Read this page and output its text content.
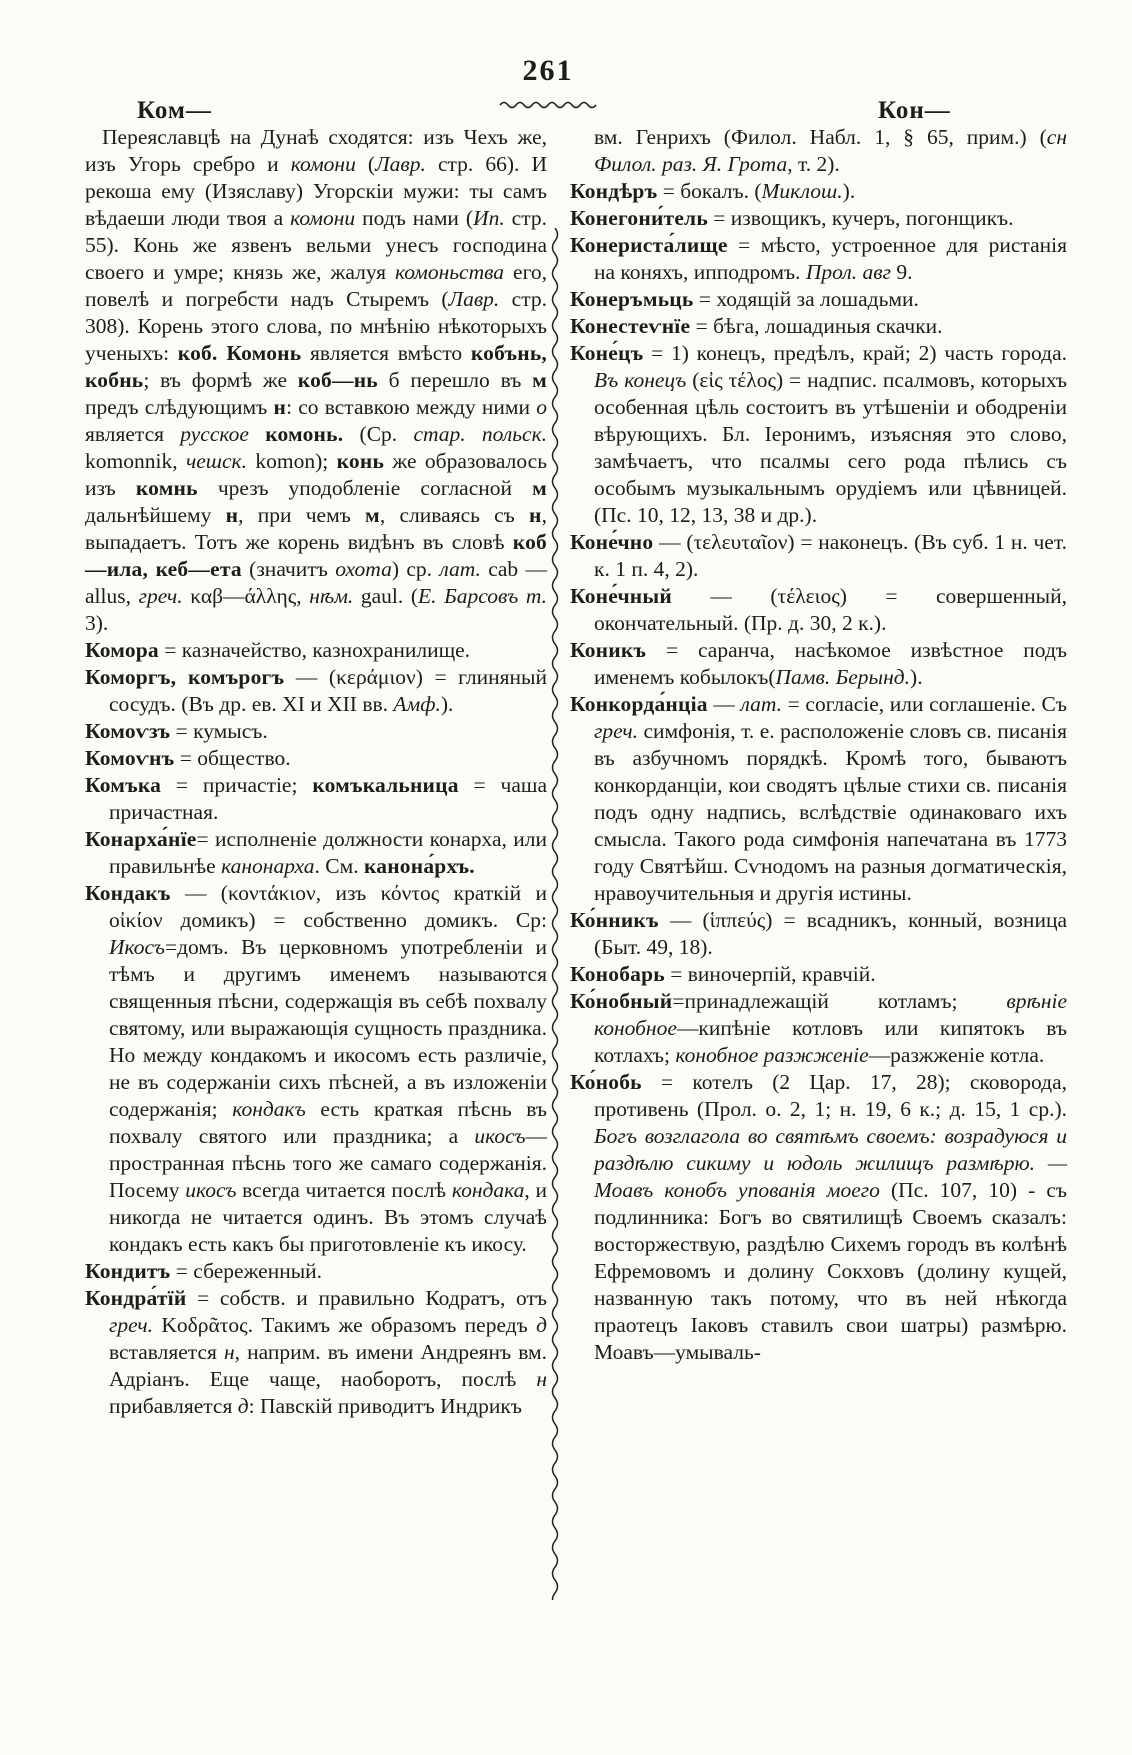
261
Ком—	Кон—

Переяславцѣ на Дунаѣ сходятся: изъ Чехъ же, изъ Угорь сребро и комони (Лавр. стр. 66). И рекоша ему (Изяславу) Угорскіи мужи: ты самъ вѣдаеши люди твоя а комони подъ нами (Ип. стр. 55). Конь же язвенъ вельми унесъ господина своего и умре; князь же, жалуя комоньства его, повелѣ и погребсти надъ Стыремъ (Лавр. стр. 308). Корень этого слова, по мнѣнію нѣкоторыхъ ученыхъ: коб. Комонь является вмѣсто кобънь, кобнь; въ формѣ же коб—нь б перешло въ м предъ слѣдующимъ н: со вставкою между ними о является русское комонь. (Ср. стар. польск. komonnik, чешск. komon); конь же образовалось изъ комнь чрезъ уподобленіе согласной м дальнѣйшему н, при чемъ м, сливаясь съ н, выпадаетъ. Тотъ же корень видѣнъ въ словѣ коб—ила, кеб—ета (значитъ охота) ср. лат. cab — allus, греч. καβ—άλλης, нѣм. gaul. (Е. Барсовъ т. 3).

Комора = казначейство, казнохранилище.

Коморгъ, комърогъ — (κεράμιον) = глиняный сосудъ. (Въ др. ев. XI и XII вв. Амф.).

Комоѵзъ = кумысъ.

Комоѵнъ = общество.

Комъка = причастіе; комъкальница = чаша причастная.

Конарха́нїе= исполненіе должности конарха, или правильнѣе канонарха. См. канона́рхъ.

Кондакъ — (κοντάκιον, изъ κόντος краткій и οἰκίον домикъ) = собственно домикъ. Ср: Икосъ=домъ. Въ церковномъ употребленіи и тѣмъ и другимъ именемъ называются священныя пѣсни, содержащія въ себѣ похвалу святому, или выражающія сущность праздника. Но между кондакомъ и икосомъ есть различіе, не въ содержаніи сихъ пѣсней, а въ изложеніи содержанія; кондакъ есть краткая пѣснь въ похвалу святого или праздника; а икосъ—пространная пѣснь того же самаго содержанія. Посему икосъ всегда читается послѣ кондака, и никогда не читается одинъ. Въ этомъ случаѣ кондакъ есть какъ бы приготовленіе къ икосу.

Кондитъ = сбереженный.

Кондра́тїй = собств. и правильно Кодратъ, отъ греч. Κοδρᾶτος. Такимъ же образомъ передъ д вставляется н, наприм. въ имени Андреянъ вм. Адріанъ. Еще чаще, наоборотъ, послѣ н прибавляется д: Павскій приводитъ Индрикъ

вм. Генрихъ (Филол. Набл. 1, § 65, прим.) (сн Филол. раз. Я. Грота, т. 2).

Кондѣръ = бокалъ. (Миклош.).

Конегони́тель = извощикъ, кучеръ, погонщикъ.

Конериста́лище = мѣсто, устроенное для ристанія на коняхъ, ипподромъ. Прол. авг 9.

Конеръмьць = ходящій за лошадьми.

Конестеѵнїе = бѣга, лошадиныя скачки.

Коне́цъ = 1) конецъ, предѣлъ, край; 2) часть города. Въ конецъ (εἰς τέλος) = надпис. псалмовъ, которыхъ особенная цѣль состоитъ въ утѣшеніи и ободреніи вѣрующихъ. Бл. Іеронимъ, изъясняя это слово, замѣчаетъ, что псалмы сего рода пѣлись съ особымъ музыкальнымъ орудіемъ или цѣвницей. (Пс. 10, 12, 13, 38 и др.).

Коне́чно — (τελευταῖον) = наконецъ. (Въ суб. 1 н. чет. к. 1 п. 4, 2).

Коне́чный — (τέλειος) = совершенный, окончательный. (Пр. д. 30, 2 к.).

Коникъ = саранча, насѣкомое извѣстное подъ именемъ кобылокъ(Памв. Берынд.).

Конкорда́нціа — лат. = согласіе, или соглашеніе. Съ греч. симфонія, т. е. расположеніе словъ св. писанія въ азбучномъ порядкѣ. Кромѣ того, бываютъ конкорданціи, кои сводятъ цѣлые стихи св. писанія подъ одну надпись, вслѣдствіе одинаковаго ихъ смысла. Такого рода симфонія напечатана въ 1773 году Святѣйш. Сѵнодомъ на разныя догматическія, нравоучительныя и другія истины.

Ко́нникъ — (ἱππεύς) = всадникъ, конный, возница (Быт. 49, 18).

Конобарь = виночерпій, кравчій.

Ко́нобный=принадлежащій котламъ; врѣніе конобное—кипѣніе котловъ или кипятокъ въ котлахъ; конобное разжженіе—разжженіе котла.

Ко́нобь = котелъ (2 Цар. 17, 28); сковорода, противень (Прол. о. 2, 1; н. 19, 6 к.; д. 15, 1 ср.). Богъ возглагола во святѣмъ своемъ: возрадуюся и раздѣлю сикиму и юдоль жилищъ размѣрю. — Моавъ конобъ упованія моего (Пс. 107, 10) - съ подлинника: Богъ во святилищѣ Своемъ сказалъ: восторжествую, раздѣлю Сихемъ городъ въ колѣнѣ Ефремовомъ и долину Сокховъ (долину кущей, названную такъ потому, что въ ней нѣкогда праотецъ Іаковъ ставилъ свои шатры) размѣрю. Моавъ—умываль-
